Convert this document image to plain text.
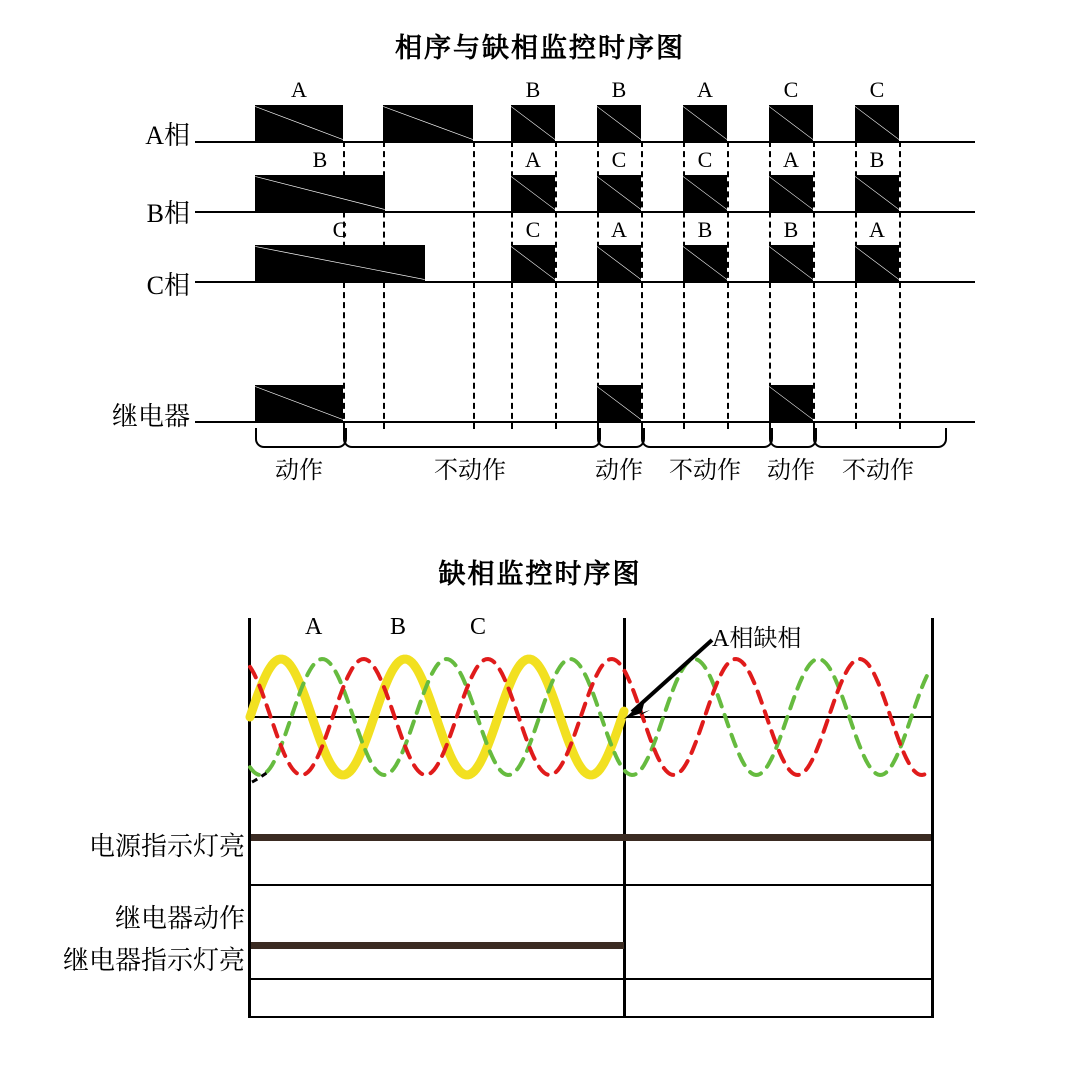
相序与缺相监控时序图
A相
B相
C相
继电器
A	B	B	A	C	C
B	A	C	C	A	B
C	C	A	B	B	A
动作	不动作	动作	不动作	动作	不动作
缺相监控时序图
A相缺相
电源指示灯亮
继电器动作
继电器指示灯亮
A	B	C
